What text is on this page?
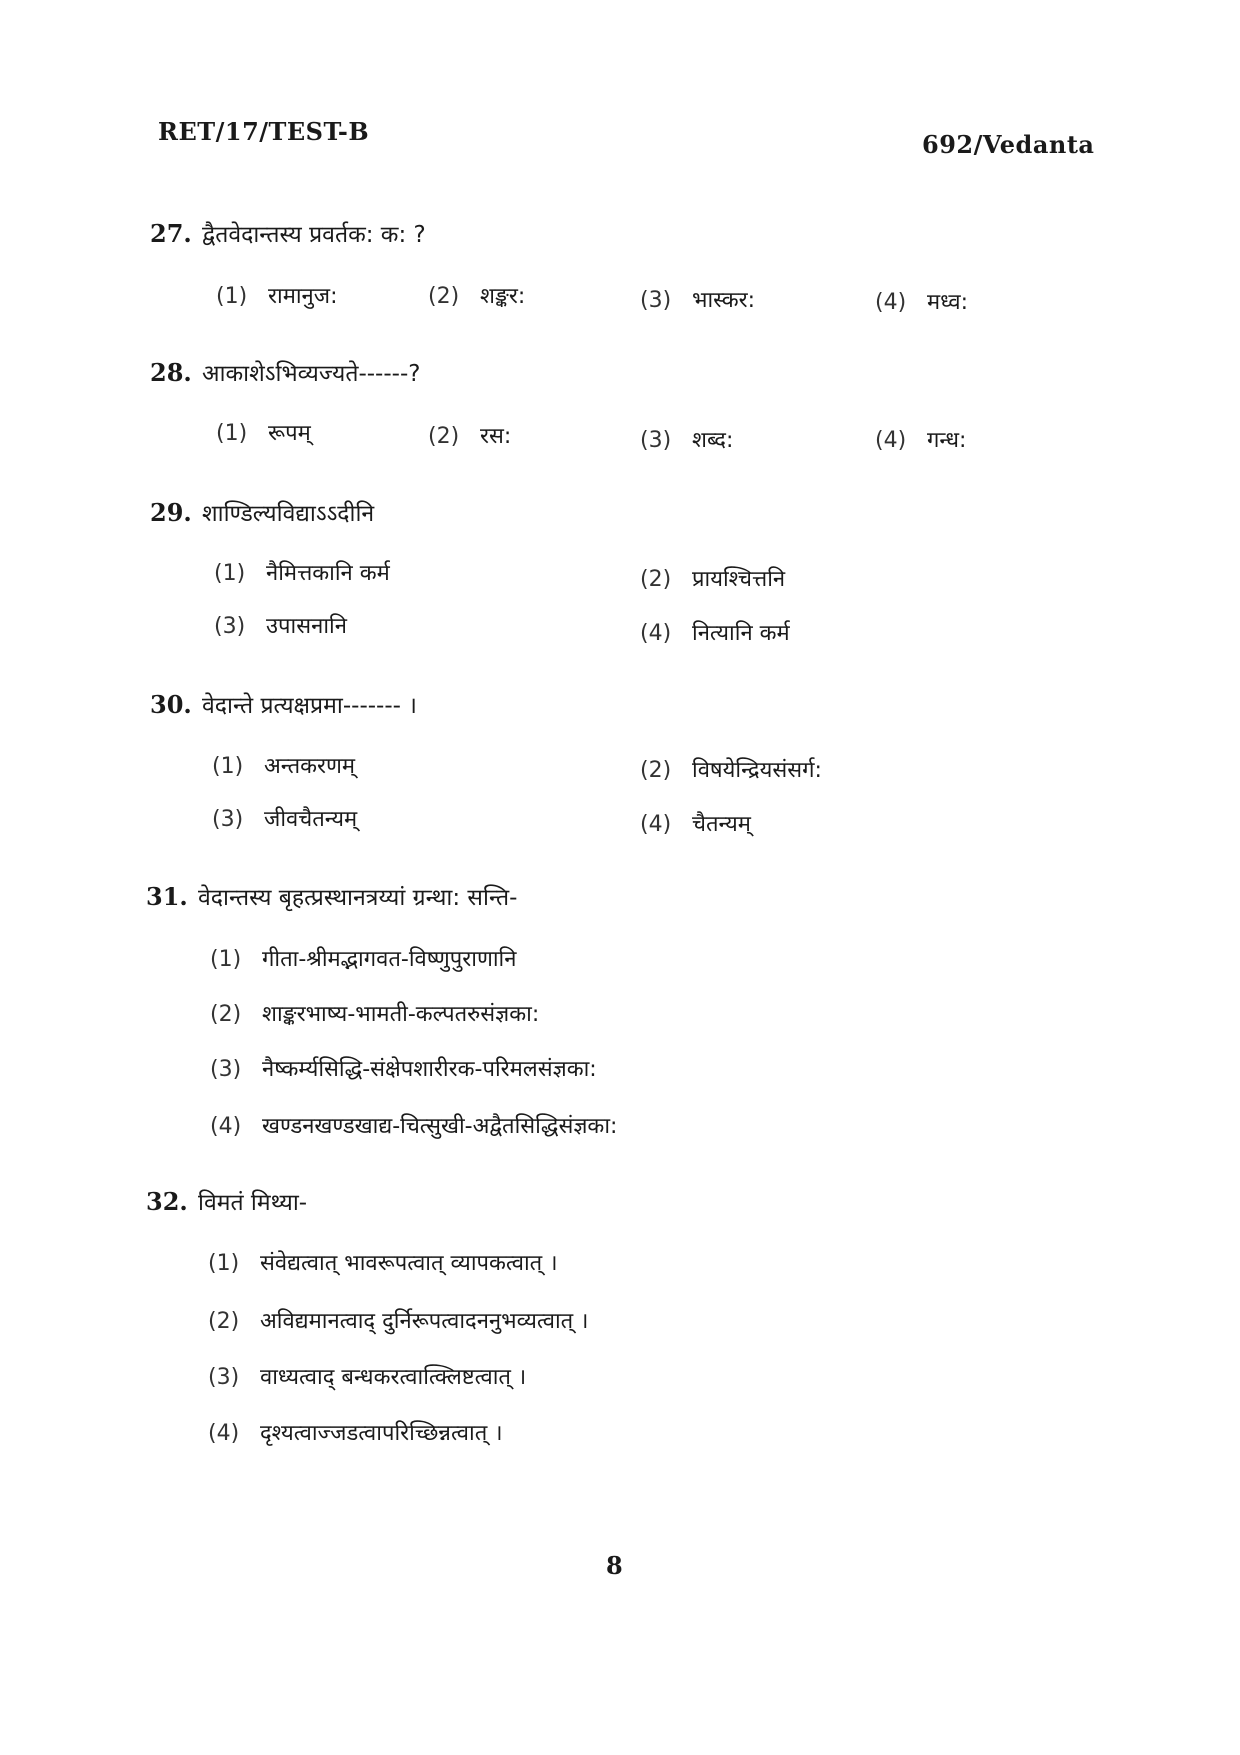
RET/17/TEST-B	692/Vedanta
27. द्वैतवेदान्तस्य प्रवर्तक: क: ?
(1) रामानुज:	(2) शङ्कर:	(3) भास्कर:	(4) मध्व:
28. आकाशेऽभिव्यज्यते------?
(1) रूपम्	(2) रस:	(3) शब्द:	(4) गन्ध:
29. शाण्डिल्यविद्याऽऽदीनि
(1) नैमित्तकानि कर्म	(2) प्रायश्चित्तनि
(3) उपासनानि	(4) नित्यानि कर्म
30. वेदान्ते प्रत्यक्षप्रमा------- ।
(1) अन्तकरणम्	(2) विषयेन्द्रियसंसर्ग:
(3) जीवचैतन्यम्	(4) चैतन्यम्
31. वेदान्तस्य बृहत्प्रस्थानत्रय्यां ग्रन्था: सन्ति-
(1) गीता-श्रीमद्भागवत-विष्णुपुराणानि
(2) शाङ्करभाष्य-भामती-कल्पतरुसंज्ञका:
(3) नैष्कर्म्यसिद्धि-संक्षेपशारीरक-परिमलसंज्ञका:
(4) खण्डनखण्डखाद्य-चित्सुखी-अद्वैतसिद्धिसंज्ञका:
32. विमतं मिथ्या-
(1) संवेद्यत्वात् भावरूपत्वात् व्यापकत्वात् ।
(2) अविद्यमानत्वाद् दुर्निरूपत्वादननुभव्यत्वात् ।
(3) वाध्यत्वाद् बन्धकरत्वात्क्लिष्टत्वात् ।
(4) दृश्यत्वाज्जडत्वापरिच्छिन्नत्वात् ।
8
